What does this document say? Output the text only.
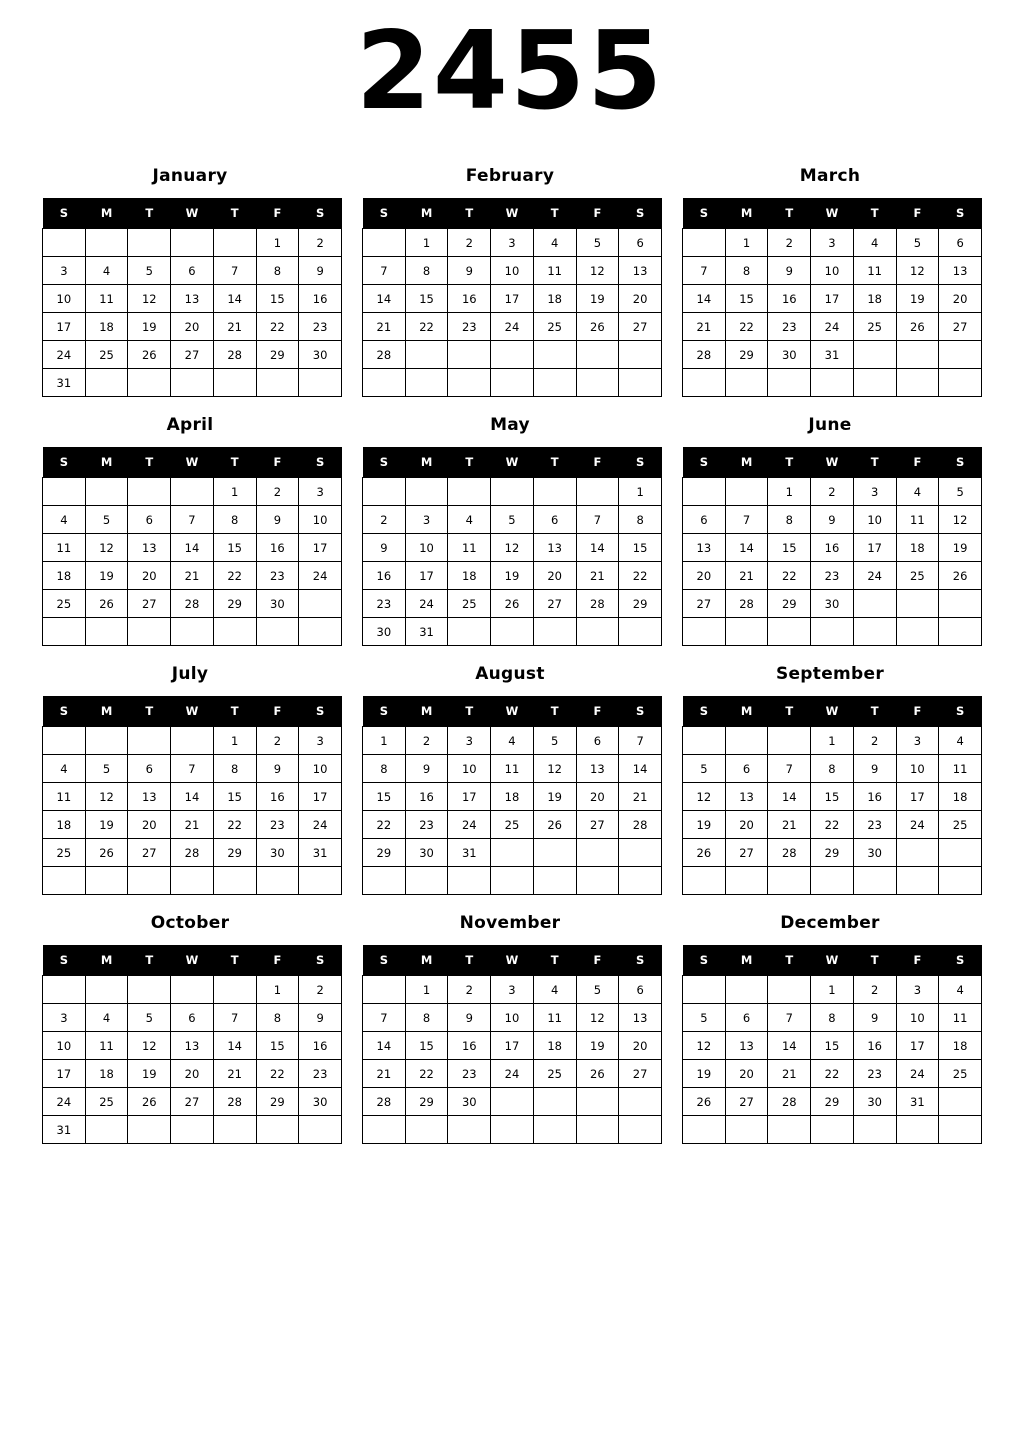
2455
January
S	M	T	W	T	F	S
					1	2
3	4	5	6	7	8	9
10	11	12	13	14	15	16
17	18	19	20	21	22	23
24	25	26	27	28	29	30
31						
February
S	M	T	W	T	F	S
	1	2	3	4	5	6
7	8	9	10	11	12	13
14	15	16	17	18	19	20
21	22	23	24	25	26	27
28						

March
S	M	T	W	T	F	S
	1	2	3	4	5	6
7	8	9	10	11	12	13
14	15	16	17	18	19	20
21	22	23	24	25	26	27
28	29	30	31			

April
S	M	T	W	T	F	S
				1	2	3
4	5	6	7	8	9	10
11	12	13	14	15	16	17
18	19	20	21	22	23	24
25	26	27	28	29	30	

May
S	M	T	W	T	F	S
						1
2	3	4	5	6	7	8
9	10	11	12	13	14	15
16	17	18	19	20	21	22
23	24	25	26	27	28	29
30	31					
June
S	M	T	W	T	F	S
		1	2	3	4	5
6	7	8	9	10	11	12
13	14	15	16	17	18	19
20	21	22	23	24	25	26
27	28	29	30			

July
S	M	T	W	T	F	S
				1	2	3
4	5	6	7	8	9	10
11	12	13	14	15	16	17
18	19	20	21	22	23	24
25	26	27	28	29	30	31

August
S	M	T	W	T	F	S
1	2	3	4	5	6	7
8	9	10	11	12	13	14
15	16	17	18	19	20	21
22	23	24	25	26	27	28
29	30	31				

September
S	M	T	W	T	F	S
			1	2	3	4
5	6	7	8	9	10	11
12	13	14	15	16	17	18
19	20	21	22	23	24	25
26	27	28	29	30		

October
S	M	T	W	T	F	S
					1	2
3	4	5	6	7	8	9
10	11	12	13	14	15	16
17	18	19	20	21	22	23
24	25	26	27	28	29	30
31						
November
S	M	T	W	T	F	S
	1	2	3	4	5	6
7	8	9	10	11	12	13
14	15	16	17	18	19	20
21	22	23	24	25	26	27
28	29	30				

December
S	M	T	W	T	F	S
			1	2	3	4
5	6	7	8	9	10	11
12	13	14	15	16	17	18
19	20	21	22	23	24	25
26	27	28	29	30	31	
